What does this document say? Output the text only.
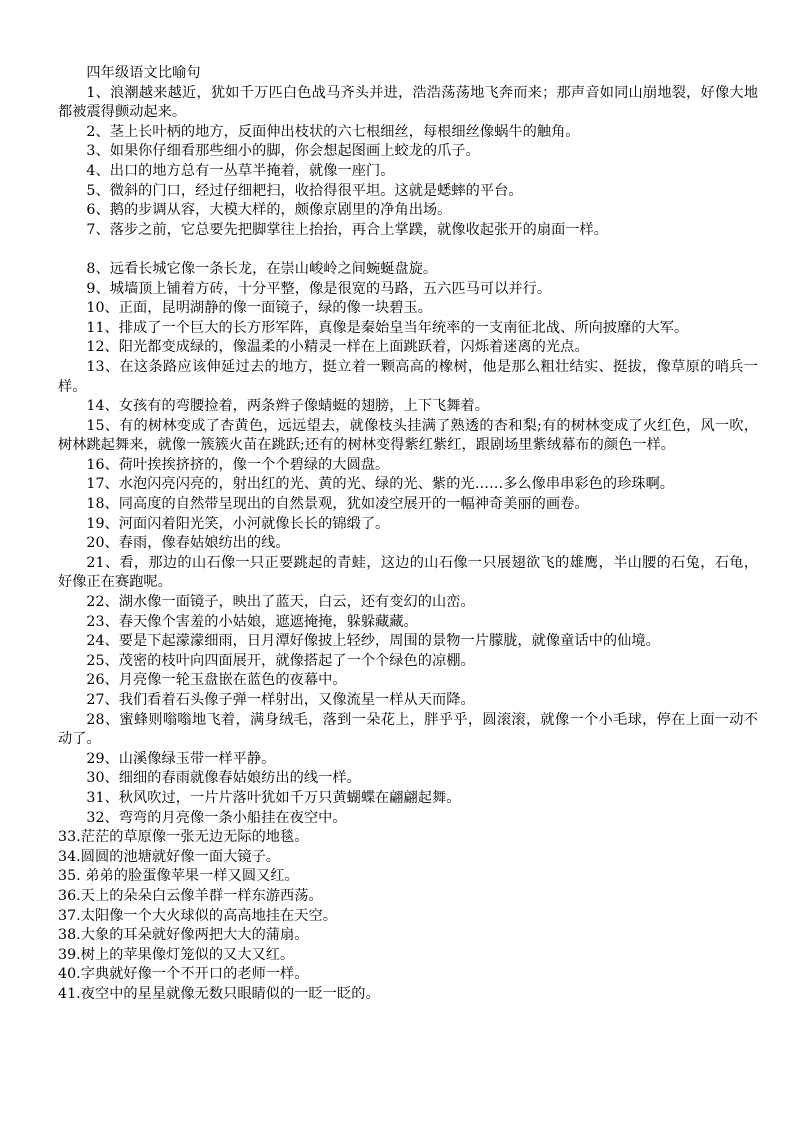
四年级语文比喻句
1、浪潮越来越近，犹如千万匹白色战马齐头并进，浩浩荡荡地飞奔而来；那声音如同山崩地裂，好像大地都被震得颤动起来。
2、茎上长叶柄的地方，反面伸出枝状的六七根细丝，每根细丝像蜗牛的触角。
3、如果你仔细看那些细小的脚，你会想起图画上蛟龙的爪子。
4、出口的地方总有一丛草半掩着，就像一座门。
5、微斜的门口，经过仔细耙扫，收拾得很平坦。这就是蟋蟀的平台。
6、鹅的步调从容，大模大样的，颇像京剧里的净角出场。
7、落步之前，它总要先把脚掌往上抬抬，再合上掌蹼，就像收起张开的扇面一样。

8、远看长城它像一条长龙，在崇山峻岭之间蜿蜒盘旋。
9、城墙顶上铺着方砖，十分平整，像是很宽的马路，五六匹马可以并行。
10、正面，昆明湖静的像一面镜子，绿的像一块碧玉。
11、排成了一个巨大的长方形军阵，真像是秦始皇当年统率的一支南征北战、所向披靡的大军。
12、阳光都变成绿的，像温柔的小精灵一样在上面跳跃着，闪烁着迷离的光点。
13、在这条路应该伸延过去的地方，挺立着一颗高高的橡树，他是那么粗壮结实、挺拔，像草原的哨兵一样。
14、女孩有的弯腰捡着，两条辫子像蜻蜓的翅膀，上下飞舞着。
15、有的树林变成了杏黄色，远远望去，就像枝头挂满了熟透的杏和梨;有的树林变成了火红色，风一吹，树林跳起舞来，就像一簇簇火苗在跳跃;还有的树林变得紫红紫红，跟剧场里紫绒幕布的颜色一样。
16、荷叶挨挨挤挤的，像一个个碧绿的大圆盘。
17、水泡闪亮闪亮的，射出红的光、黄的光、绿的光、紫的光……多么像串串彩色的珍珠啊。
18、同高度的自然带呈现出的自然景观，犹如凌空展开的一幅神奇美丽的画卷。
19、河面闪着阳光笑，小河就像长长的锦缎了。
20、春雨，像春姑娘纺出的线。
21、看，那边的山石像一只正要跳起的青蛙，这边的山石像一只展翅欲飞的雄鹰，半山腰的石兔，石龟，好像正在赛跑呢。
22、湖水像一面镜子，映出了蓝天，白云，还有变幻的山峦。
23、春天像个害羞的小姑娘，遮遮掩掩，躲躲藏藏。
24、要是下起濛濛细雨，日月潭好像披上轻纱，周围的景物一片朦胧，就像童话中的仙境。
25、茂密的枝叶向四面展开，就像搭起了一个个绿色的凉棚。
26、月亮像一轮玉盘嵌在蓝色的夜幕中。
27、我们看着石头像子弹一样射出，又像流星一样从天而降。
28、蜜蜂则嗡嗡地飞着，满身绒毛，落到一朵花上，胖乎乎，圆滚滚，就像一个小毛球，停在上面一动不动了。
29、山溪像绿玉带一样平静。
30、细细的春雨就像春姑娘纺出的线一样。
31、秋风吹过，一片片落叶犹如千万只黄蝴蝶在翩翩起舞。
32、弯弯的月亮像一条小船挂在夜空中。
33.茫茫的草原像一张无边无际的地毯。
34.圆圆的池塘就好像一面大镜子。
35. 弟弟的脸蛋像苹果一样又圆又红。
36.天上的朵朵白云像羊群一样东游西荡。
37.太阳像一个大火球似的高高地挂在天空。
38.大象的耳朵就好像两把大大的蒲扇。
39.树上的苹果像灯笼似的又大又红。
40.字典就好像一个不开口的老师一样。
41.夜空中的星星就像无数只眼睛似的一眨一眨的。
